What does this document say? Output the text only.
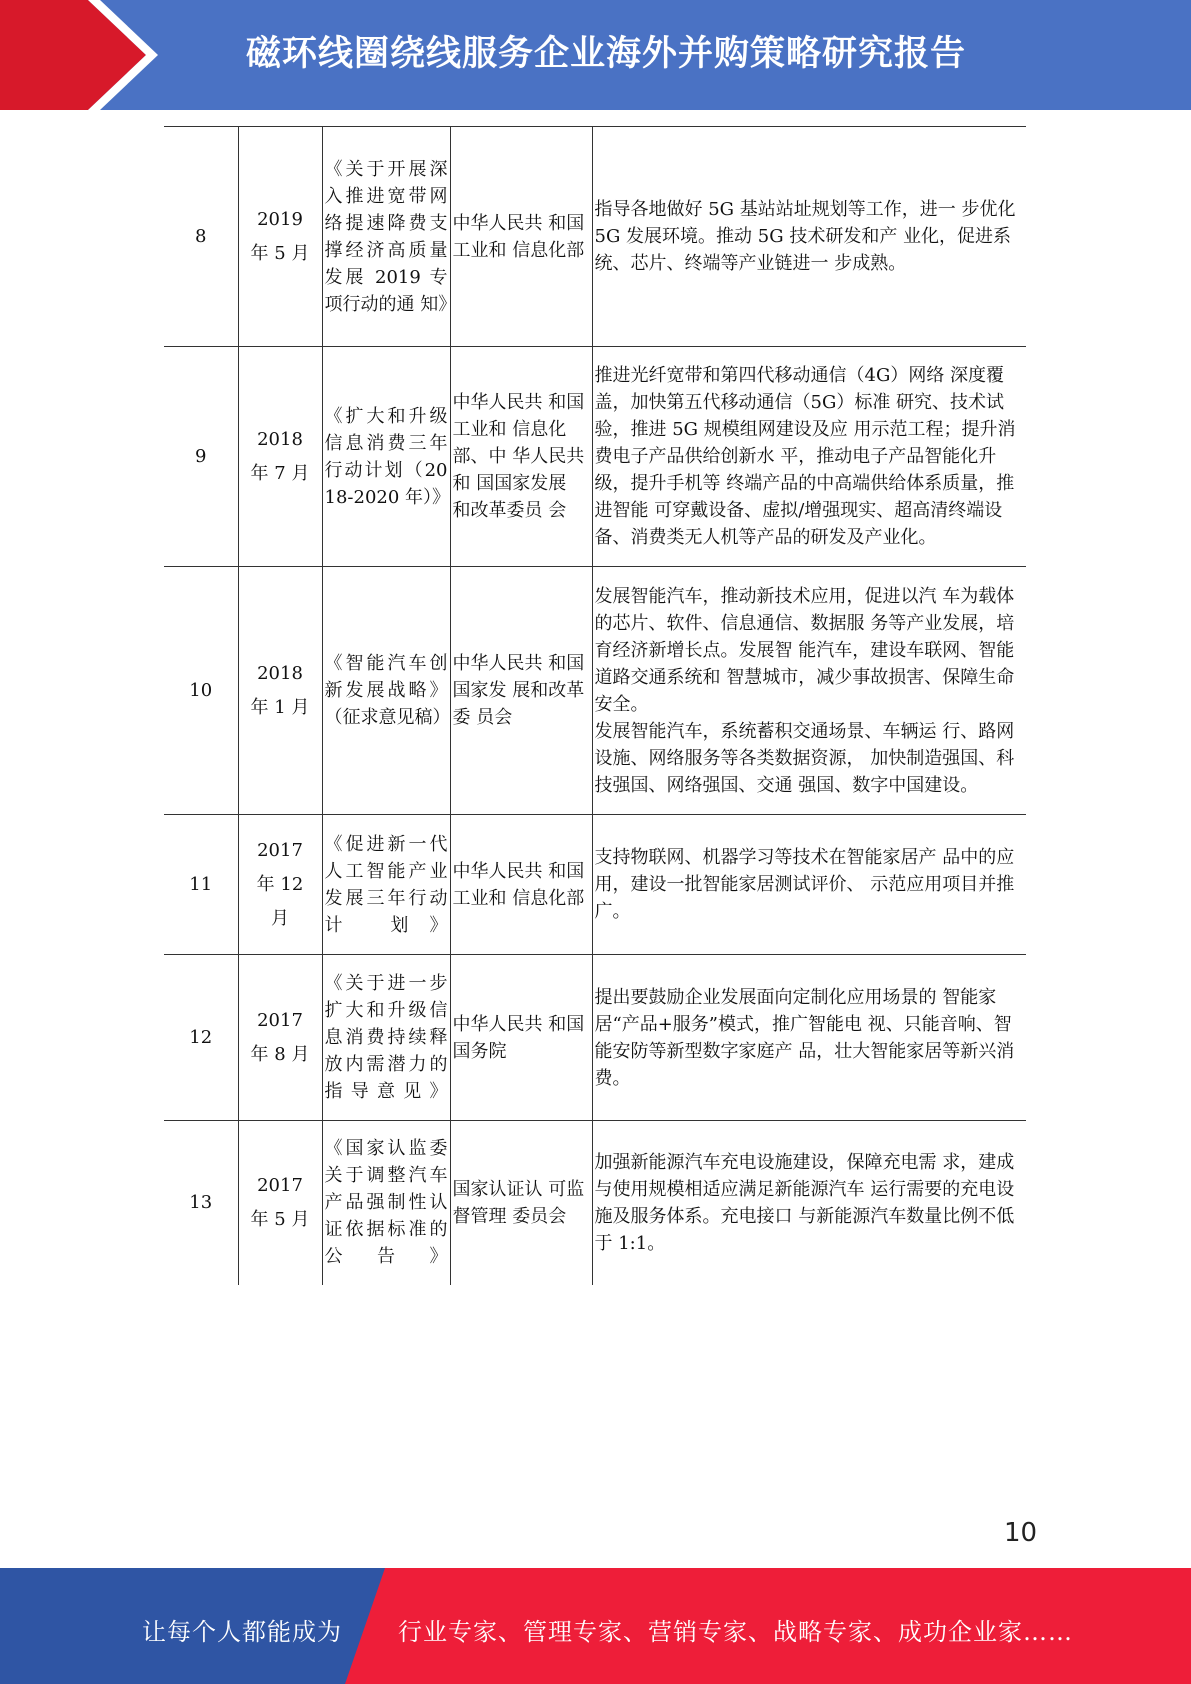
磁环线圈绕线服务企业海外并购策略研究报告
8	2019 年 5 月	《关于开展深入推进宽带网络提速降费支撑经济高质量发展 2019 专 项行动的通 知》	中华人民共 和国工业和 信息化部	指导各地做好 5G 基站站址规划等工作，进一 步优化 5G 发展环境。推动 5G 技术研发和产 业化，促进系统、芯片、终端等产业链进一 步成熟。
9	2018 年 7 月	《扩大和升级信息消费三年行动计划（2018-2020 年）》	中华人民共 和国工业和 信息化部、中 华人民共和 国国家发展 和改革委员 会	推进光纤宽带和第四代移动通信（4G）网络 深度覆盖，加快第五代移动通信（5G）标准 研究、技术试验，推进 5G 规模组网建设及应 用示范工程；提升消费电子产品供给创新水 平，推动电子产品智能化升级，提升手机等 终端产品的中高端供给体系质量，推进智能 可穿戴设备、虚拟/增强现实、超高清终端设 备、消费类无人机等产品的研发及产业化。
10	2018 年 1 月	《智能汽车创新发展战略》（征求意见稿）	中华人民共 和国国家发 展和改革委 员会	发展智能汽车，推动新技术应用，促进以汽 车为载体的芯片、软件、信息通信、数据服 务等产业发展，培育经济新增长点。发展智 能汽车，建设车联网、智能道路交通系统和 智慧城市，减少事故损害、保障生命安全。
发展智能汽车，系统蓄积交通场景、车辆运 行、路网设施、网络服务等各类数据资源， 加快制造强国、科技强国、网络强国、交通 强国、数字中国建设。
11	2017 年 12 月	《促进新一代人工智能产业发展三年行动计 划》	中华人民共 和国工业和 信息化部	支持物联网、机器学习等技术在智能家居产 品中的应用，建设一批智能家居测试评价、 示范应用项目并推广。
12	2017 年 8 月	《关于进一步扩大和升级信息消费持续释放内需潜力的指导意见》	中华人民共 和国国务院	提出要鼓励企业发展面向定制化应用场景的 智能家居“产品+服务”模式，推广智能电 视、只能音响、智能安防等新型数字家庭产 品，壮大智能家居等新兴消费。
13	2017 年 5 月	《国家认监委关于调整汽车产品强制性认证依据标准的公告》	国家认证认 可监督管理 委员会	加强新能源汽车充电设施建设，保障充电需 求，建成与使用规模相适应满足新能源汽车 运行需要的充电设施及服务体系。充电接口 与新能源汽车数量比例不低于 1:1。
10
让每个人都能成为 行业专家、管理专家、营销专家、战略专家、成功企业家……
